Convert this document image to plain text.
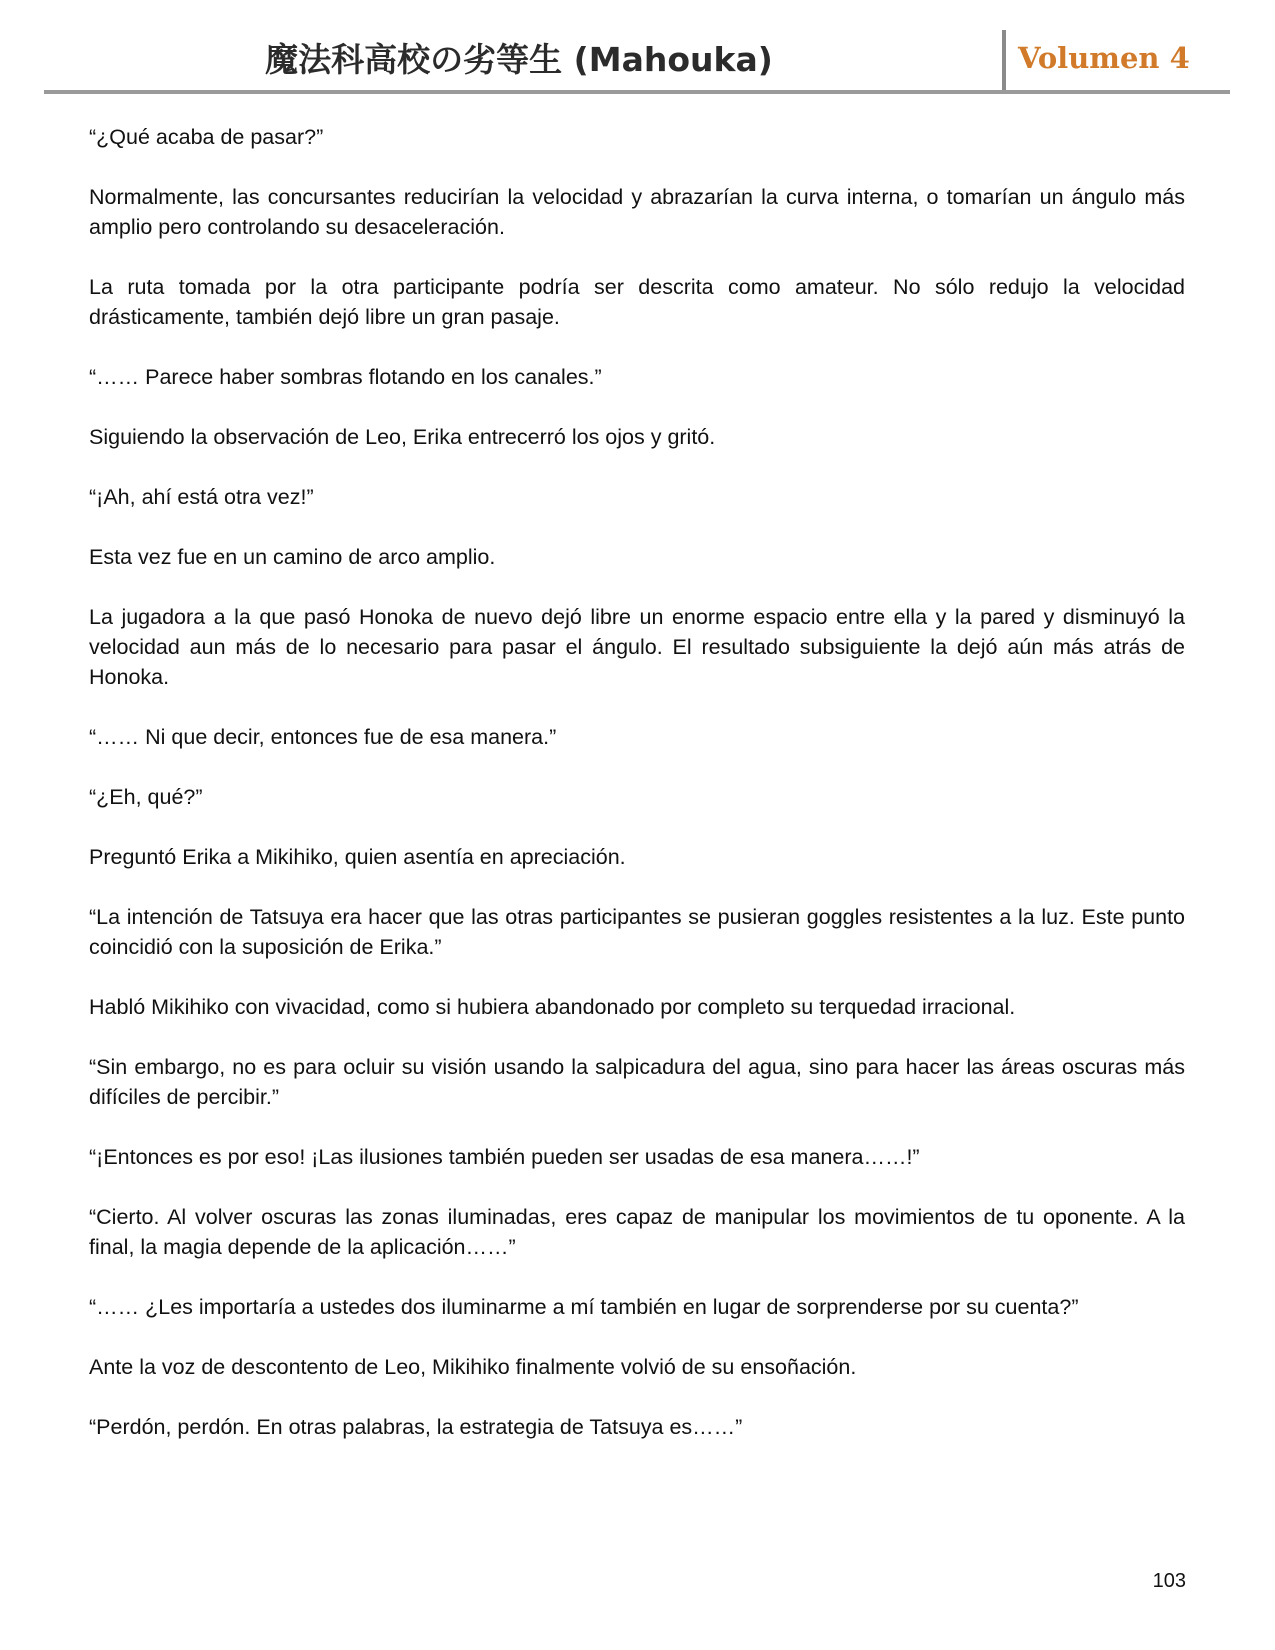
魔法科高校の劣等生 (Mahouka)	Volumen 4

“¿Qué acaba de pasar?”

Normalmente, las concursantes reducirían la velocidad y abrazarían la curva interna, o tomarían un ángulo más amplio pero controlando su desaceleración.

La ruta tomada por la otra participante podría ser descrita como amateur. No sólo redujo la velocidad drásticamente, también dejó libre un gran pasaje.

“…… Parece haber sombras flotando en los canales.”

Siguiendo la observación de Leo, Erika entrecerró los ojos y gritó.

“¡Ah, ahí está otra vez!”

Esta vez fue en un camino de arco amplio.

La jugadora a la que pasó Honoka de nuevo dejó libre un enorme espacio entre ella y la pared y disminuyó la velocidad aun más de lo necesario para pasar el ángulo. El resultado subsiguiente la dejó aún más atrás de Honoka.

“…… Ni que decir, entonces fue de esa manera.”

“¿Eh, qué?”

Preguntó Erika a Mikihiko, quien asentía en apreciación.

“La intención de Tatsuya era hacer que las otras participantes se pusieran goggles resistentes a la luz. Este punto coincidió con la suposición de Erika.”

Habló Mikihiko con vivacidad, como si hubiera abandonado por completo su terquedad irracional.

“Sin embargo, no es para ocluir su visión usando la salpicadura del agua, sino para hacer las áreas oscuras más difíciles de percibir.”

“¡Entonces es por eso! ¡Las ilusiones también pueden ser usadas de esa manera……!”

“Cierto. Al volver oscuras las zonas iluminadas, eres capaz de manipular los movimientos de tu oponente. A la final, la magia depende de la aplicación……”

“…… ¿Les importaría a ustedes dos iluminarme a mí también en lugar de sorprenderse por su cuenta?”

Ante la voz de descontento de Leo, Mikihiko finalmente volvió de su ensoñación.

“Perdón, perdón. En otras palabras, la estrategia de Tatsuya es……”

103
